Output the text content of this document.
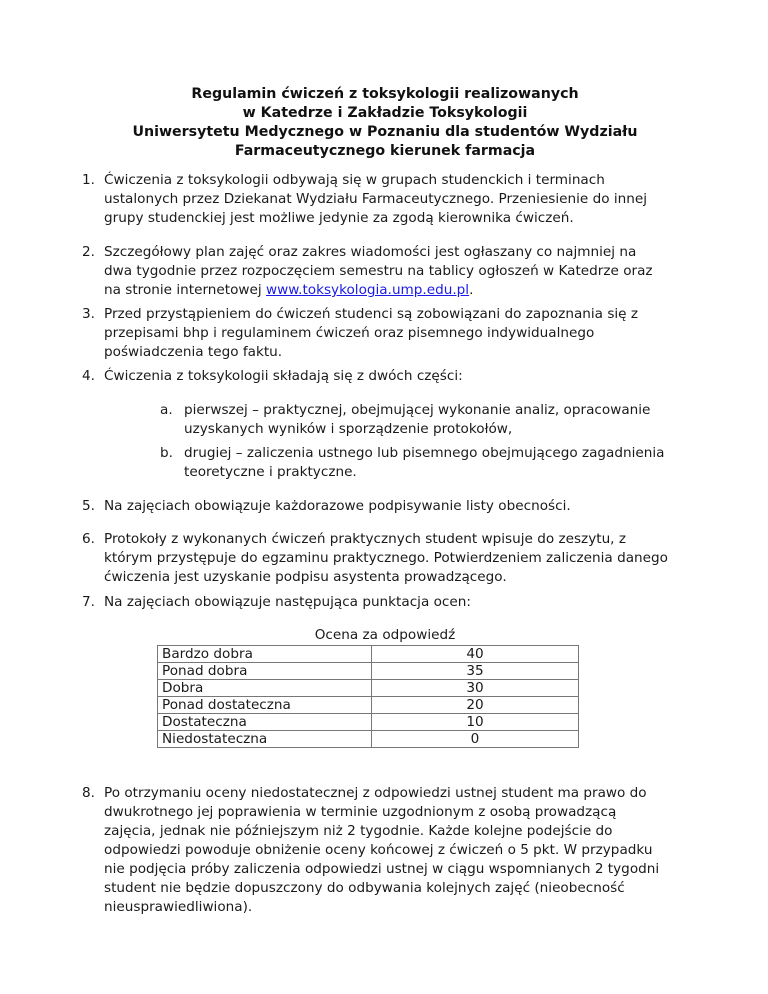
Regulamin ćwiczeń z toksykologii realizowanych
w Katedrze i Zakładzie Toksykologii
Uniwersytetu Medycznego w Poznaniu dla studentów Wydziału
Farmaceutycznego kierunek farmacja
1. Ćwiczenia z toksykologii odbywają się w grupach studenckich i terminach
ustalonych przez Dziekanat Wydziału Farmaceutycznego. Przeniesienie do innej
grupy studenckiej jest możliwe jedynie za zgodą kierownika ćwiczeń.
2. Szczegółowy plan zajęć oraz zakres wiadomości jest ogłaszany co najmniej na
dwa tygodnie przez rozpoczęciem semestru na tablicy ogłoszeń w Katedrze oraz
na stronie internetowej www.toksykologia.ump.edu.pl.
3. Przed przystąpieniem do ćwiczeń studenci są zobowiązani do zapoznania się z
przepisami bhp i regulaminem ćwiczeń oraz pisemnego indywidualnego
poświadczenia tego faktu.
4. Ćwiczenia z toksykologii składają się z dwóch części:
a. pierwszej – praktycznej, obejmującej wykonanie analiz, opracowanie
uzyskanych wyników i sporządzenie protokołów,
b. drugiej – zaliczenia ustnego lub pisemnego obejmującego zagadnienia
teoretyczne i praktyczne.
5. Na zajęciach obowiązuje każdorazowe podpisywanie listy obecności.
6. Protokoły z wykonanych ćwiczeń praktycznych student wpisuje do zeszytu, z
którym przystępuje do egzaminu praktycznego. Potwierdzeniem zaliczenia danego
ćwiczenia jest uzyskanie podpisu asystenta prowadzącego.
7. Na zajęciach obowiązuje następująca punktacja ocen:
Ocena za odpowiedź
Bardzo dobra	40
Ponad dobra	35
Dobra	30
Ponad dostateczna	20
Dostateczna	10
Niedostateczna	0
8. Po otrzymaniu oceny niedostatecznej z odpowiedzi ustnej student ma prawo do
dwukrotnego jej poprawienia w terminie uzgodnionym z osobą prowadzącą
zajęcia, jednak nie późniejszym niż 2 tygodnie. Każde kolejne podejście do
odpowiedzi powoduje obniżenie oceny końcowej z ćwiczeń o 5 pkt. W przypadku
nie podjęcia próby zaliczenia odpowiedzi ustnej w ciągu wspomnianych 2 tygodni
student nie będzie dopuszczony do odbywania kolejnych zajęć (nieobecność
nieusprawiedliwiona).
